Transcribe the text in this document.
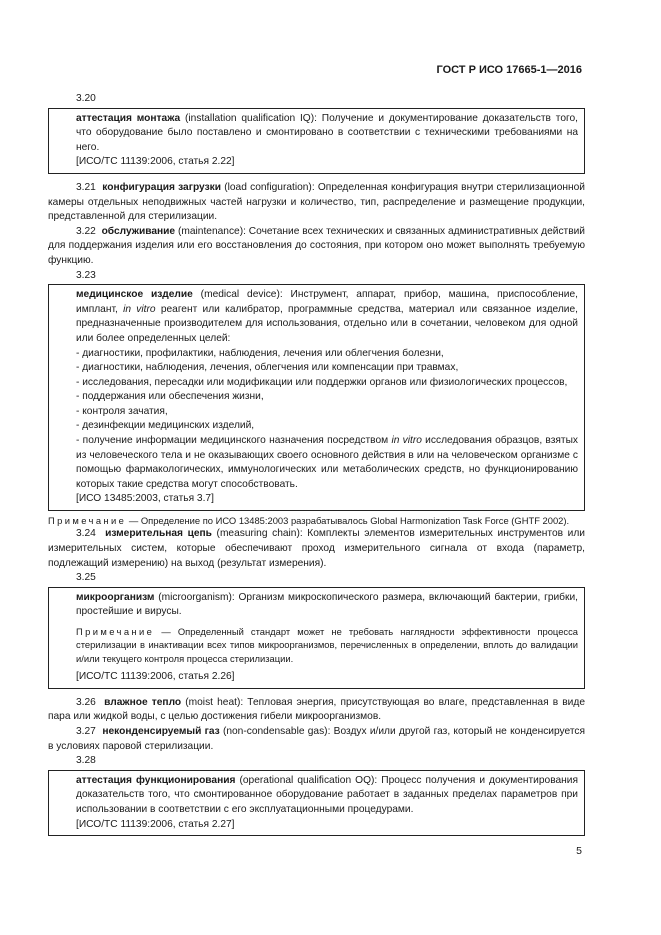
ГОСТ Р ИСО 17665-1—2016
3.20

аттестация монтажа (installation qualification IQ): Получение и документирование доказательств того, что оборудование было поставлено и смонтировано в соответствии с техническими требованиями на него.

[ИСО/ТС 11139:2006, статья 2.22]

3.21 конфигурация загрузки (load configuration): Определенная конфигурация внутри стерилизационной камеры отдельных неподвижных частей нагрузки и количество, тип, распределение и размещение продукции, представленной для стерилизации.

3.22 обслуживание (maintenance): Сочетание всех технических и связанных административных действий для поддержания изделия или его восстановления до состояния, при котором оно может выполнять требуемую функцию.

3.23

медицинское изделие (medical device): Инструмент, аппарат, прибор, машина, приспособление, имплант, in vitro реагент или калибратор, программные средства, материал или связанное изделие, предназначенные производителем для использования, отдельно или в сочетании, человеком для одной или более определенных целей:

- диагностики, профилактики, наблюдения, лечения или облегчения болезни,

- диагностики, наблюдения, лечения, облегчения или компенсации при травмах,

- исследования, пересадки или модификации или поддержки органов или физиологических процессов,

- поддержания или обеспечения жизни,

- контроля зачатия,

- дезинфекции медицинских изделий,

- получение информации медицинского назначения посредством in vitro исследования образцов, взятых из человеческого тела и не оказывающих своего основного действия в или на человеческом организме с помощью фармакологических, иммунологических или метаболических средств, но функционированию которых такие средства могут способствовать.

[ИСО 13485:2003, статья 3.7]

Примечание — Определение по ИСО 13485:2003 разрабатывалось Global Harmonization Task Force (GHTF 2002).

3.24 измерительная цепь (measuring chain): Комплекты элементов измерительных инструментов или измерительных систем, которые обеспечивают проход измерительного сигнала от входа (параметр, подлежащий измерению) на выход (результат измерения).

3.25

микроорганизм (microorganism): Организм микроскопического размера, включающий бактерии, грибки, простейшие и вирусы.

Примечание — Определенный стандарт может не требовать наглядности эффективности процесса стерилизации в инактивации всех типов микроорганизмов, перечисленных в определении, вплоть до валидации и/или текущего контроля процесса стерилизации.

[ИСО/ТС 11139:2006, статья 2.26]

3.26 влажное тепло (moist heat): Тепловая энергия, присутствующая во влаге, представленная в виде пара или жидкой воды, с целью достижения гибели микроорганизмов.

3.27 неконденсируемый газ (non-condensable gas): Воздух и/или другой газ, который не конденсируется в условиях паровой стерилизации.

3.28

аттестация функционирования (operational qualification OQ): Процесс получения и документирования доказательств того, что смонтированное оборудование работает в заданных пределах параметров при использовании в соответствии с его эксплуатационными процедурами.

[ИСО/ТС 11139:2006, статья 2.27]

5
